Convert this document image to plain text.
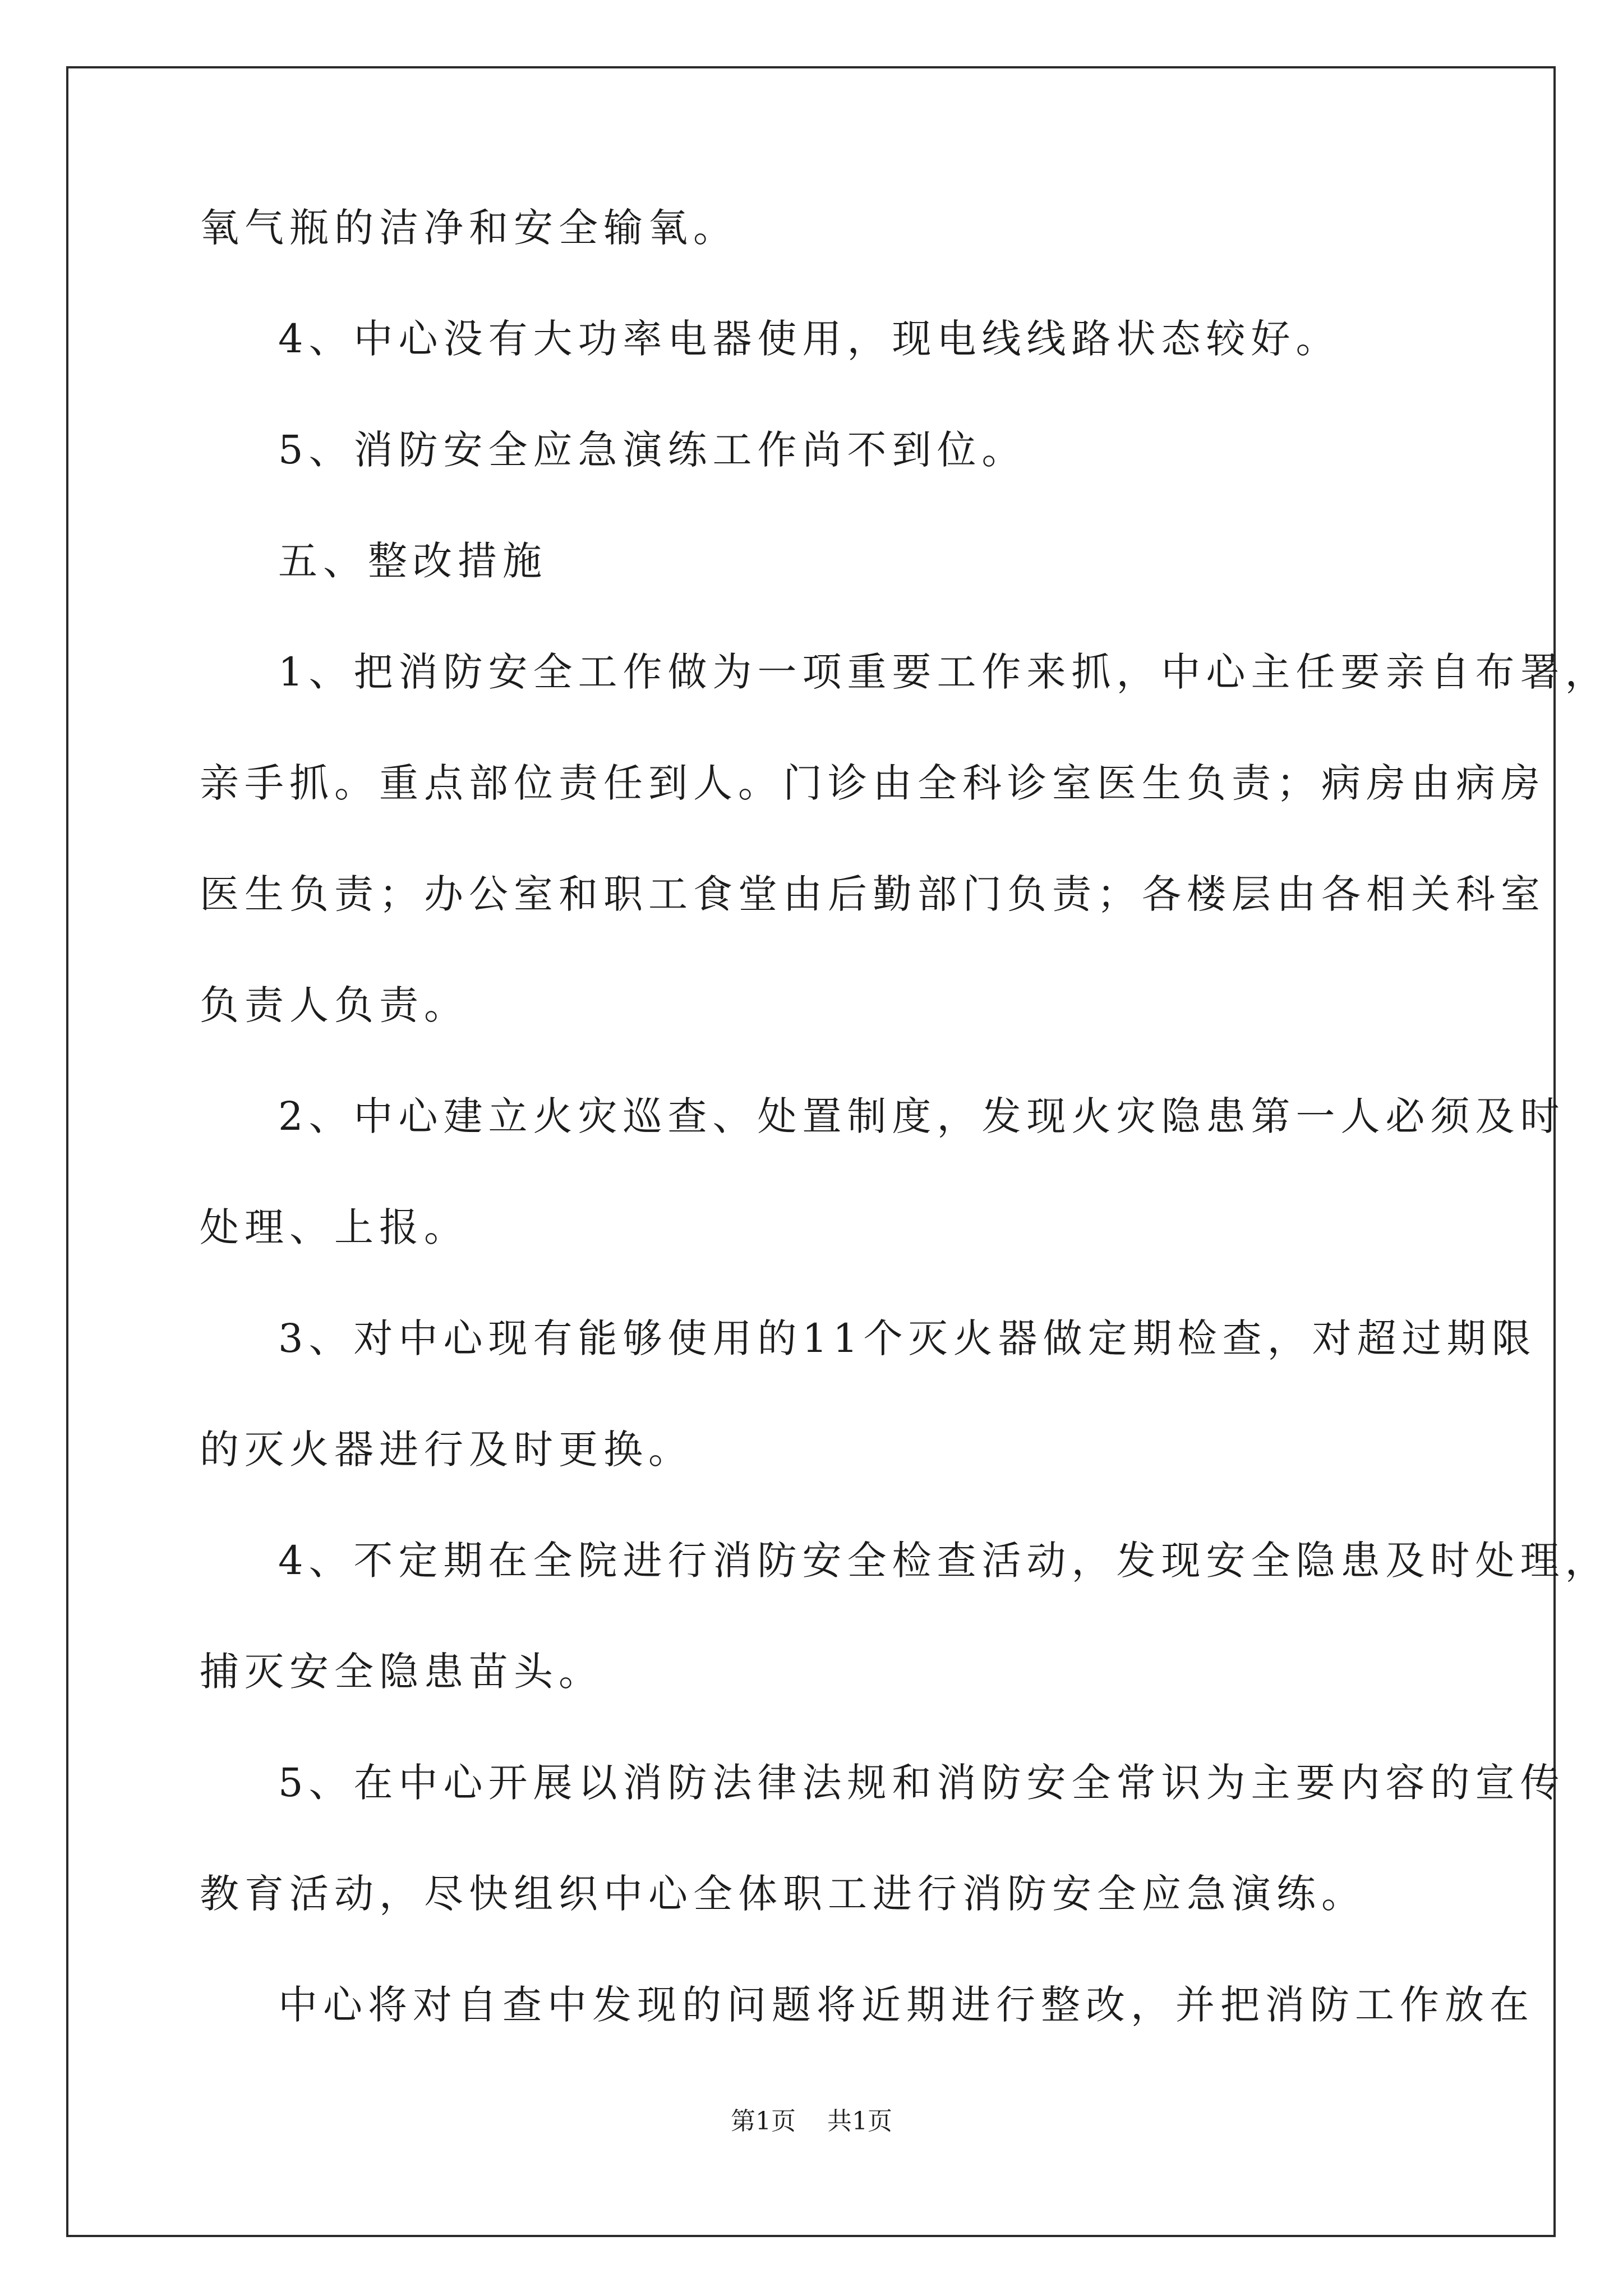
氧气瓶的洁净和安全输氧。
4、中心没有大功率电器使用，现电线线路状态较好。
5、消防安全应急演练工作尚不到位。
五、整改措施
1、把消防安全工作做为一项重要工作来抓，中心主任要亲自布署，
亲手抓。重点部位责任到人。门诊由全科诊室医生负责；病房由病房
医生负责；办公室和职工食堂由后勤部门负责；各楼层由各相关科室
负责人负责。
2、中心建立火灾巡查、处置制度，发现火灾隐患第一人必须及时
处理、上报。
3、对中心现有能够使用的11个灭火器做定期检查，对超过期限
的灭火器进行及时更换。
4、不定期在全院进行消防安全检查活动，发现安全隐患及时处理，
捕灭安全隐患苗头。
5、在中心开展以消防法律法规和消防安全常识为主要内容的宣传
教育活动，尽快组织中心全体职工进行消防安全应急演练。
中心将对自查中发现的问题将近期进行整改，并把消防工作放在
第1页 共1页
